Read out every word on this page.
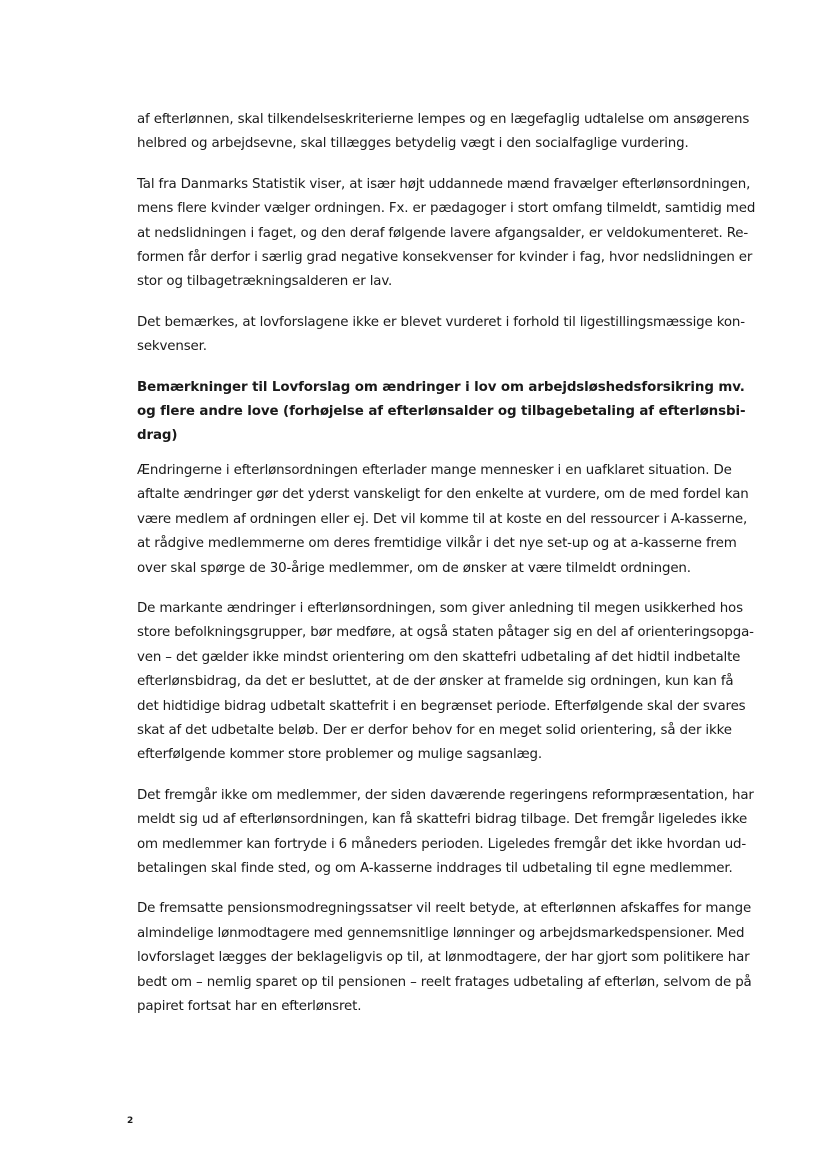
af efterlønnen, skal tilkendelseskriterierne lempes og en lægefaglig udtalelse om ansøgerens
helbred og arbejdsevne, skal tillægges betydelig vægt i den socialfaglige vurdering.
Tal fra Danmarks Statistik viser, at især højt uddannede mænd fravælger efterlønsordningen,
mens flere kvinder vælger ordningen. Fx. er pædagoger i stort omfang tilmeldt, samtidig med
at nedslidningen i faget, og den deraf følgende lavere afgangsalder, er veldokumenteret. Re-
formen får derfor i særlig grad negative konsekvenser for kvinder i fag, hvor nedslidningen er
stor og tilbagetrækningsalderen er lav.
Det bemærkes, at lovforslagene ikke er blevet vurderet i forhold til ligestillingsmæssige kon-
sekvenser.
Bemærkninger til Lovforslag om ændringer i lov om arbejdsløshedsforsikring mv.
og flere andre love (forhøjelse af efterlønsalder og tilbagebetaling af efterlønsbi-
drag)
Ændringerne i efterlønsordningen efterlader mange mennesker i en uafklaret situation. De
aftalte ændringer gør det yderst vanskeligt for den enkelte at vurdere, om de med fordel kan
være medlem af ordningen eller ej. Det vil komme til at koste en del ressourcer i A-kasserne,
at rådgive medlemmerne om deres fremtidige vilkår i det nye set-up og at a-kasserne frem
over skal spørge de 30-årige medlemmer, om de ønsker at være tilmeldt ordningen.
De markante ændringer i efterlønsordningen, som giver anledning til megen usikkerhed hos
store befolkningsgrupper, bør medføre, at også staten påtager sig en del af orienteringsopga-
ven – det gælder ikke mindst orientering om den skattefri udbetaling af det hidtil indbetalte
efterlønsbidrag, da det er besluttet, at de der ønsker at framelde sig ordningen, kun kan få
det hidtidige bidrag udbetalt skattefrit i en begrænset periode. Efterfølgende skal der svares
skat af det udbetalte beløb. Der er derfor behov for en meget solid orientering, så der ikke
efterfølgende kommer store problemer og mulige sagsanlæg.
Det fremgår ikke om medlemmer, der siden daværende regeringens reformpræsentation, har
meldt sig ud af efterlønsordningen, kan få skattefri bidrag tilbage. Det fremgår ligeledes ikke
om medlemmer kan fortryde i 6 måneders perioden. Ligeledes fremgår det ikke hvordan ud-
betalingen skal finde sted, og om A-kasserne inddrages til udbetaling til egne medlemmer.
De fremsatte pensionsmodregningssatser vil reelt betyde, at efterlønnen afskaffes for mange
almindelige lønmodtagere med gennemsnitlige lønninger og arbejdsmarkedspensioner. Med
lovforslaget lægges der beklageligvis op til, at lønmodtagere, der har gjort som politikere har
bedt om – nemlig sparet op til pensionen – reelt fratages udbetaling af efterløn, selvom de på
papiret fortsat har en efterlønsret.
2
